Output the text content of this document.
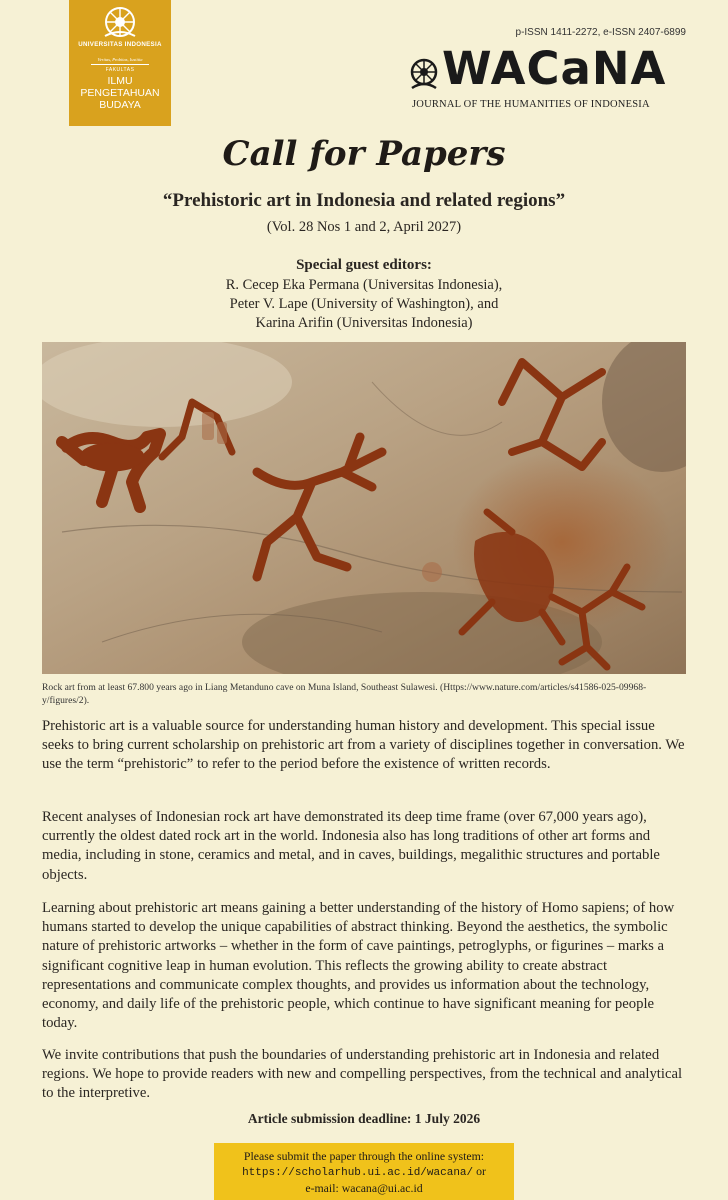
UNIVERSITAS INDONESIA
Veritas, Probitas, Iustitia
FAKULTAS
ILMU
PENGETAHUAN
BUDAYA
p-ISSN 1411-2272, e-ISSN 2407-6899
WACaNA
JOURNAL OF THE HUMANITIES OF INDONESIA
Call for Papers
“Prehistoric art in Indonesia and related regions”
(Vol. 28 Nos 1 and 2, April 2027)
Special guest editors:
R. Cecep Eka Permana (Universitas Indonesia),
Peter V. Lape (University of Washington), and
Karina Arifin (Universitas Indonesia)
Rock art from at least 67.800 years ago in Liang Metanduno cave on Muna Island, Southeast Sulawesi. (Https://www.nature.com/articles/s41586-025-09968-y/figures/2).
Prehistoric art is a valuable source for understanding human history and development. This special issue seeks to bring current scholarship on prehistoric art from a variety of disciplines together in conversation. We use the term “prehistoric” to refer to the period before the existence of written records.
Recent analyses of Indonesian rock art have demonstrated its deep time frame (over 67,000 years ago), currently the oldest dated rock art in the world. Indonesia also has long traditions of other art forms and media, including in stone, ceramics and metal, and in caves, buildings, megalithic structures and portable objects.
Learning about prehistoric art means gaining a better understanding of the history of Homo sapiens; of how humans started to develop the unique capabilities of abstract thinking. Beyond the aesthetics, the symbolic nature of prehistoric artworks – whether in the form of cave paintings, petroglyphs, or figurines – marks a significant cognitive leap in human evolution. This reflects the growing ability to create abstract representations and communicate complex thoughts, and provides us information about the technology, economy, and daily life of the prehistoric people, which continue to have significant meaning for people today.
We invite contributions that push the boundaries of understanding prehistoric art in Indonesia and related regions. We hope to provide readers with new and compelling perspectives, from the technical and analytical to the interpretive.
Article submission deadline: 1 July 2026
Please submit the paper through the online system:
https://scholarhub.ui.ac.id/wacana/ or
e-mail: wacana@ui.ac.id
